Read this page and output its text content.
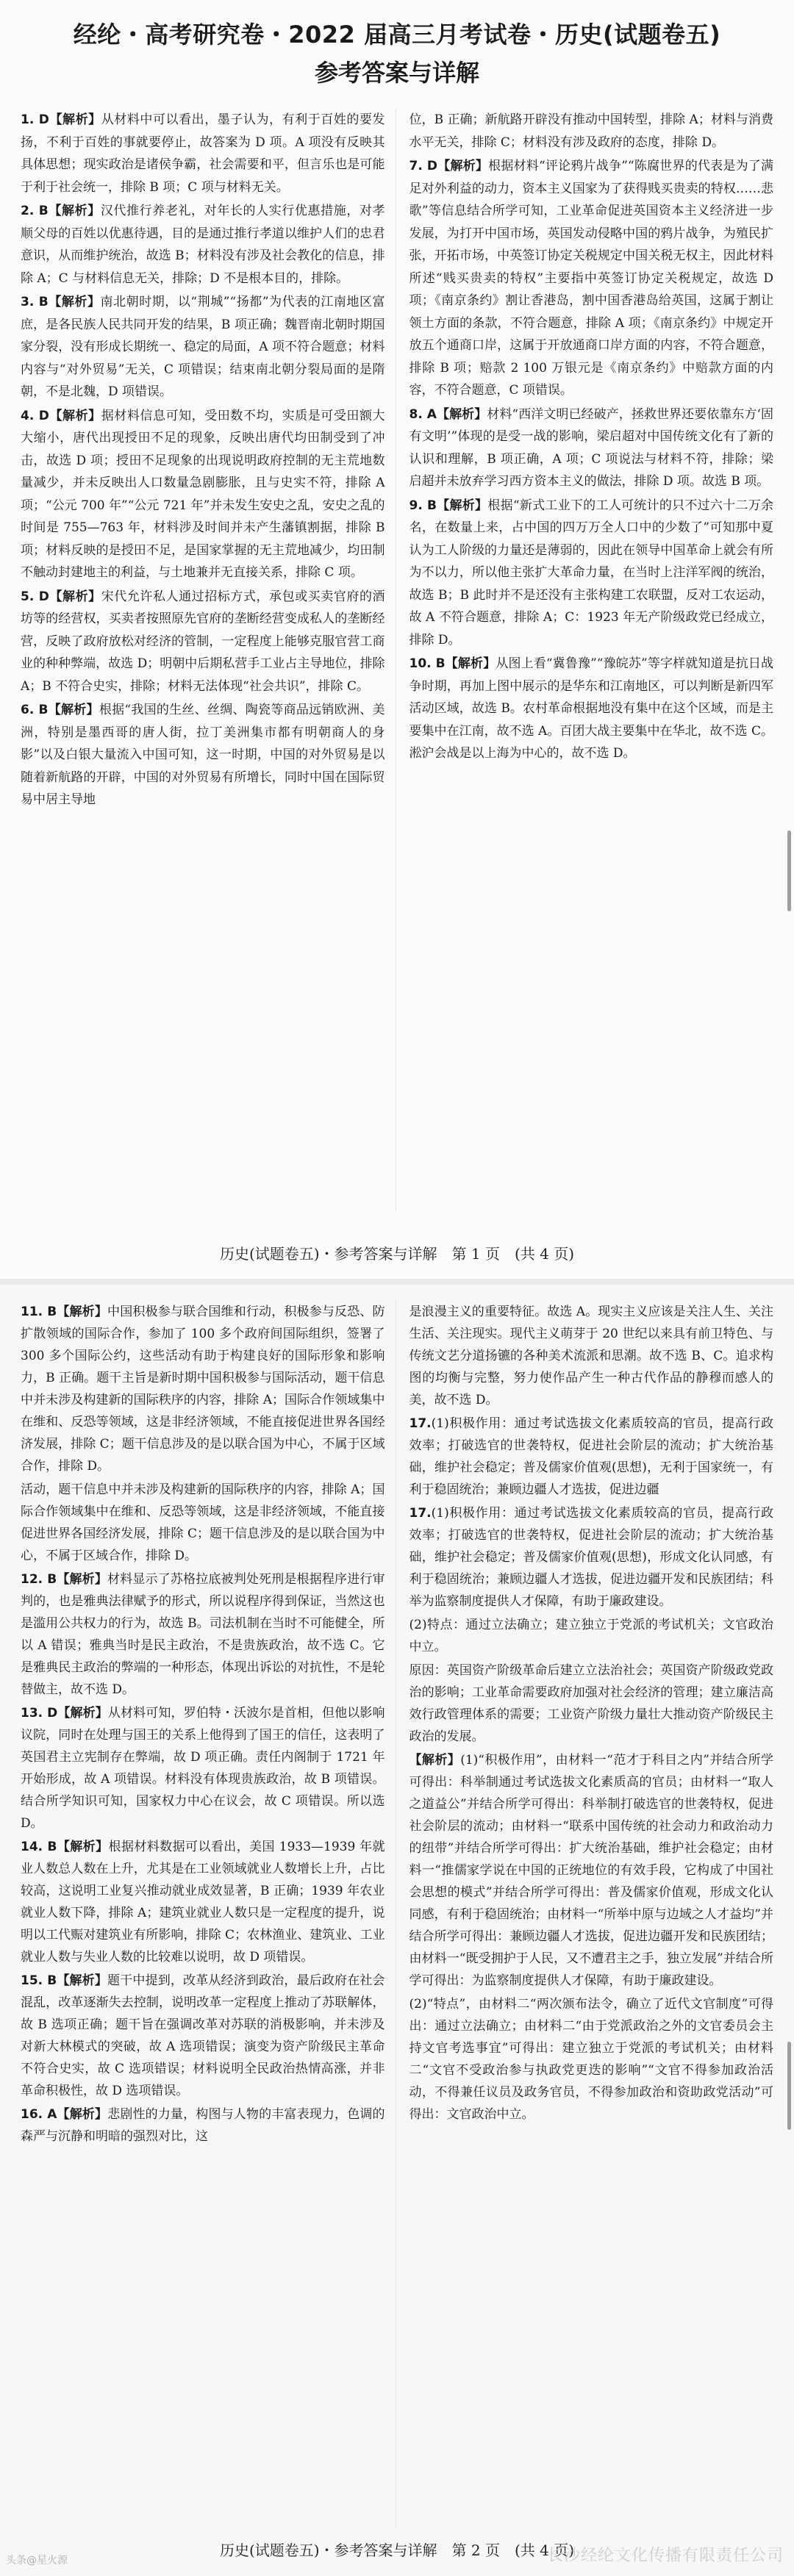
经纶・高考研究卷・2022 届高三月考试卷・历史(试题卷五)
参考答案与详解

1. D 【 解析 】 从材料中可以看出，墨子认为，有利于百姓的要发扬，不利于百姓的事就要停止，故答案为 D 项。A 项没有反映其具体思想；现实政治是诸侯争霸，社会需要和平，但言乐也是可能于利于社会统一，排除 B 项；C 项与材料无关。

2. B 【 解析 】 汉代推行养老礼，对年长的人实行优惠措施，对孝顺父母的百姓以优惠待遇，目的是通过推行孝道以维护人们的忠君意识，从而维护统治，故选 B；材料没有涉及社会教化的信息，排除 A；C 与材料信息无关，排除；D 不是根本目的，排除。

3. B 【 解析 】 南北朝时期，以“荆城”“扬都”为代表的江南地区富庶，是各民族人民共同开发的结果，B 项正确；魏晋南北朝时期国家分裂，没有形成长期统一、稳定的局面，A 项不符合题意；材料内容与“对外贸易”无关，C 项错误；结束南北朝分裂局面的是隋朝，不是北魏，D 项错误。

4. D 【 解析 】 据材料信息可知，受田数不均，实质是可受田额大大缩小，唐代出现授田不足的现象，反映出唐代均田制受到了冲击，故选 D 项；授田不足现象的出现说明政府控制的无主荒地数量减少，并未反映出人口数量急剧膨胀，且与史实不符，排除 A 项；“公元 700 年”“公元 721 年”并未发生安史之乱，安史之乱的时间是 755—763 年，材料涉及时间并未产生藩镇割据，排除 B 项；材料反映的是授田不足，是国家掌握的无主荒地减少，均田制不触动封建地主的利益，与土地兼并无直接关系，排除 C 项。

5. D 【 解析 】 宋代允许私人通过招标方式，承包或买卖官府的酒坊等的经营权，买卖者按照原先官府的垄断经营变成私人的垄断经营，反映了政府放松对经济的管制，一定程度上能够克服官营工商业的种种弊端，故选 D；明朝中后期私营手工业占主导地位，排除 A；B 不符合史实，排除；材料无法体现“社会共识”，排除 C。

6. B 【 解析 】 根据“我国的生丝、丝绸、陶瓷等商品远销欧洲、美洲，特别是墨西哥的唐人街，拉丁美洲集市都有明朝商人的身影”以及白银大量流入中国可知，这一时期，中国的对外贸易是以随着新航路的开辟，中国的对外贸易有所增长，同时中国在国际贸易中居主导地

位，B 正确；新航路开辟没有推动中国转型，排除 A；材料与消费水平无关，排除 C；材料没有涉及政府的态度，排除 D。

7. D 【 解析 】 根据材料“评论鸦片战争”“陈腐世界的代表是为了满足对外利益的动力，资本主义国家为了获得贱买贵卖的特权……悲歌”等信息结合所学可知，工业革命促进英国资本主义经济进一步发展，为打开中国市场，英国发动侵略中国的鸦片战争，为殖民扩张，开拓市场，中英签订协定关税规定中国关税无权主，因此材料所述“贱买贵卖的特权”主要指中英签订协定关税规定，故选 D 项；《南京条约》割让香港岛，割中国香港岛给英国，这属于割让领土方面的条款，不符合题意，排除 A 项；《南京条约》中规定开放五个通商口岸，这属于开放通商口岸方面的内容，不符合题意，排除 B 项；赔款 2 100 万银元是《南京条约》中赔款方面的内容，不符合题意，C 项错误。

8. A 【 解析 】 材料“西洋文明已经破产，拯救世界还要依靠东方‘固有文明’”体现的是受一战的影响，梁启超对中国传统文化有了新的认识和理解，B 项正确，A 项；C 项说法与材料不符，排除；梁启超并未放弃学习西方资本主义的做法，排除 D 项。故选 B 项。

9. B 【 解析 】 根据“新式工业下的工人可统计的只不过六十二万余名，在数量上来，占中国的四万万全人口中的少数了”可知那中夏认为工人阶级的力量还是薄弱的，因此在领导中国革命上就会有所为不以力，所以他主张扩大革命力量，在当时上注洋军阀的统治，故选 B；B 此时并不是还没有主张构建工农联盟，反对工农运动，故 A 不符合题意，排除 A；C：1923 年无产阶级政党已经成立，排除 D。

10. B 【 解析 】 从图上看“冀鲁豫”“豫皖苏”等字样就知道是抗日战争时期，再加上图中展示的是华东和江南地区，可以判断是新四军活动区域，故选 B。农村革命根据地没有集中在这个区域，而是主要集中在江南，故不选 A。百团大战主要集中在华北，故不选 C。淞沪会战是以上海为中心的，故不选 D。

历史(试题卷五)・参考答案与详解　第 1 页　(共 4 页)

11. B 【 解析 】 中国积极参与联合国维和行动，积极参与反恐、防扩散领域的国际合作，参加了 100 多个政府间国际组织，签署了 300 多个国际公约，这些活动有助于构建良好的国际形象和影响力，B 正确。题干主旨是新时期中国积极参与国际活动，题干信息中并未涉及构建新的国际秩序的内容，排除 A；国际合作领域集中在维和、反恐等领域，这是非经济领域，不能直接促进世界各国经济发展，排除 C；题干信息涉及的是以联合国为中心，不属于区域合作，排除 D。

活动，题干信息中并未涉及构建新的国际秩序的内容，排除 A；国际合作领域集中在维和、反恐等领域，这是非经济领域，不能直接促进世界各国经济发展，排除 C；题干信息涉及的是以联合国为中心，不属于区域合作，排除 D。

12. B 【 解析 】 材料显示了苏格拉底被判处死刑是根据程序进行审判的，也是雅典法律赋予的形式，所以说程序得到保证，当然这也是滥用公共权力的行为，故选 B。司法机制在当时不可能健全，所以 A 错误；雅典当时是民主政治，不是贵族政治，故不选 C。它是雅典民主政治的弊端的一种形态，体现出诉讼的对抗性，不是轮替做主，故不选 D。

13. D 【 解析 】 从材料可知，罗伯特・沃波尔是首相，但他以影响议院，同时在处理与国王的关系上他得到了国王的信任，这表明了英国君主立宪制存在弊端，故 D 项正确。责任内阁制于 1721 年开始形成，故 A 项错误。材料没有体现贵族政治，故 B 项错误。结合所学知识可知，国家权力中心在议会，故 C 项错误。所以选 D。

14. B 【 解析 】 根据材料数据可以看出，美国 1933—1939 年就业人数总人数在上升，尤其是在工业领域就业人数增长上升，占比较高，这说明工业复兴推动就业成效显著，B 正确；1939 年农业就业人数下降，排除 A；建筑业就业人数只是一定程度的提升，说明以工代赈对建筑业有所影响，排除 C；农林渔业、建筑业、工业就业人数与失业人数的比较难以说明，故 D 项错误。

15. B 【 解析 】 题干中提到，改革从经济到政治，最后政府在社会混乱，改革逐渐失去控制，说明改革一定程度上推动了苏联解体，故 B 选项正确；题干旨在强调改革对苏联的消极影响，并未涉及对新大林模式的突破，故 A 选项错误；演变为资产阶级民主革命不符合史实，故 C 选项错误；材料说明全民政治热情高涨，并非革命积极性，故 D 选项错误。

16. A 【 解析 】 悲剧性的力量，构图与人物的丰富表现力，色调的森严与沉静和明暗的强烈对比，这

是浪漫主义的重要特征。故选 A。现实主义应该是关注人生、关注生活、关注现实。现代主义萌芽于 20 世纪以来具有前卫特色、与传统文艺分道扬镳的各种美术流派和思潮。故不选 B、C。追求构图的均衡与完整，努力使作品产生一种古代作品的静穆而感人的美，故不选 D。

17.(1)积极作用：通过考试选拔文化素质较高的官员，提高行政效率；打破选官的世袭特权，促进社会阶层的流动；扩大统治基础，维护社会稳定；普及儒家价值观(思想)，无利于国家统一，有利于稳固统治；兼顾边疆人才选拔，促进边疆

17.(1)积极作用：通过考试选拔文化素质较高的官员，提高行政效率；打破选官的世袭特权，促进社会阶层的流动；扩大统治基础，维护社会稳定；普及儒家价值观(思想)，形成文化认同感，有利于稳固统治；兼顾边疆人才选拔，促进边疆开发和民族团结；科举为监察制度提供人才保障，有助于廉政建设。

(2)特点：通过立法确立；建立独立于党派的考试机关；文官政治中立。

原因：英国资产阶级革命后建立立法治社会；英国资产阶级政党政治的影响；工业革命需要政府加强对社会经济的管理；建立廉洁高效行政管理体系的需要；工业资产阶级力量壮大推动资产阶级民主政治的发展。

【 解析 】 (1)“积极作用”，由材料一“范才于科目之内”并结合所学可得出：科举制通过考试选拔文化素质高的官员；由材料一“取人之道益公”并结合所学可得出：科举制打破选官的世袭特权，促进社会阶层的流动；由材料一“联系中国传统的社会动力和政治动力的纽带”并结合所学可得出：扩大统治基础，维护社会稳定；由材料一“推儒家学说在中国的正统地位的有效手段，它构成了中国社会思想的模式”并结合所学可得出：普及儒家价值观，形成文化认同感，有利于稳固统治；由材料一“所举中原与边域之人才益均”并结合所学可得出：兼顾边疆人才选拔，促进边疆开发和民族团结；由材料一“既受拥护于人民，又不遭君主之手，独立发展”并结合所学可得出：为监察制度提供人才保障，有助于廉政建设。

(2)“特点”，由材料二“两次颁布法令，确立了近代文官制度”可得出：通过立法确立；由材料二“由于党派政治之外的文官委员会主持文官考选事宜”可得出：建立独立于党派的考试机关；由材料二“文官不受政治参与执政党更迭的影响”“文官不得参加政治活动，不得兼任议员及政务官员，不得参加政治和资助政党活动”可得出：文官政治中立。

历史(试题卷五)・参考答案与详解　第 2 页　(共 4 页)
头条@星火源	长沙经纶文化传播有限责任公司
